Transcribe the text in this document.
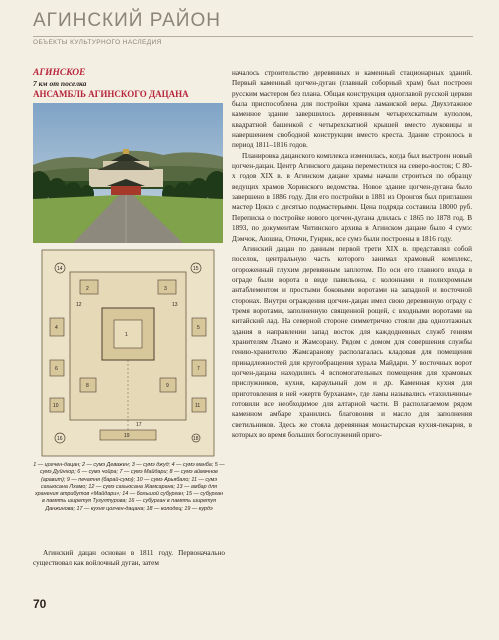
АГИНСКИЙ РАЙОН
ОБЪЕКТЫ КУЛЬТУРНОГО НАСЛЕДИЯ
АГИНСКОЕ
7 км от поселка
АНСАМБЛЬ АГИНСКОГО ДАЦАНА
1
2	3
4	5
6	7
8	9
10	11
12	13
14	15
16
17
18
19
1 — цогчен-дацан; 2 — сумэ Деважен; 3 — сумэ джуд; 4 — сумэ манба; 5 — сумэ Дуйнхор; 6 — сумэ чойра; 7 — сумэ Майдари; 8 — сумэ аймачное (аравит); 9 — печатня (барай-сумэ); 10 — сумэ Арьябало; 11 — сумэ сахьюсана Лхамо; 12 — сумэ сахьюсана Жамсарана; 13 — амбар для хранения атрибутов «Майдари»; 14 — большой субурган; 15 — субурган в память ширетуя Тугултурова; 16 — субурган в память ширетуя Данжинова; 17 — кухня цогчен-дацана; 18 — колодец; 19 — курдэ

Агинский дацан основан в 1811 году. Первоначально существовал как войлочный дуган, затем

началось строительство деревянных и каменный стационарных зданий. Первый каменный цогчен-дуган (главный соборный храм) был построен русским мастером без плана. Общая конструкция одноглавой русской церкви была приспособлена для постройки храма ламаиской веры. Двухэтажное каменное здание завершилось деревянным четырехскатным куполом, квадратной башенкой с четырехскатной крышей вместо луковицы и навершением свободной конструкции вместо креста. Здание строилось в период 1811–1816 годов.

Планировка дацанского комплекса изменилась, когда был выстроен новый цогчен-дацан. Центр Агинского дацана переместился на северо-восток; С 80-х годов XIX в. в Агинском дацане храмы начали строиться по образцу ведущих храмов Хоринского ведомства. Новое здание цогчен-дугана было завершено в 1886 году. Для его постройки в 1881 из Оронгоя был приглашен мастер Цокзэ с десятью подмастерьями. Цена подряда составила 18000 руб. Переписка о постройке нового цогчен-дугана длилась с 1865 по 1878 год. В 1893, по документам Читинского архива в Агинском дацане было 4 сумэ: Дэмчок, Аюшиа, Отючи, Гунрик, все сумэ были построены в 1816 году.

Агинский дацан по данным первой трети XIX в. представлял собой поселок, центральную часть которого занимал храмовый комплекс, огороженный глухим деревянным заплотом. По оси его главного входа в ограде были ворота в виде павильона, с колоннами и полихромным антаблементом и простыми боковыми воротами на западной и восточной сторонах. Внутри ограждения цогчен-дацан имел свою деревянную ограду с тремя воротами, заполненную священной рощей, с входными воротами на китайский лад. На северной стороне симметрично стояли два одноэтажных здания в направлении запад восток для каждодневных служб гениям хранителям Лхамо и Жамсорану. Рядом с домом для совершения службы гению-хранителю Жамсаранову располагалась кладовая для помещения принадлежностей для кругообращения хурала Майдари. У восточных ворот цогчен-дацана находились 4 вспомогательных помещения для храмовых прислужников, кухня, караульный дом и др. Каменная кухня для приготовления в ней «жертв бурханам», где ламы назывались «тахильчины» готовили все необходимое для алтарной части. В располагаемом рядом каменном амбаре хранились благовония и масло для заполнения светильников. Здесь же стояла деревянная монастырская кухня-пекарня, в которых во время больших богослужений приго-

70
